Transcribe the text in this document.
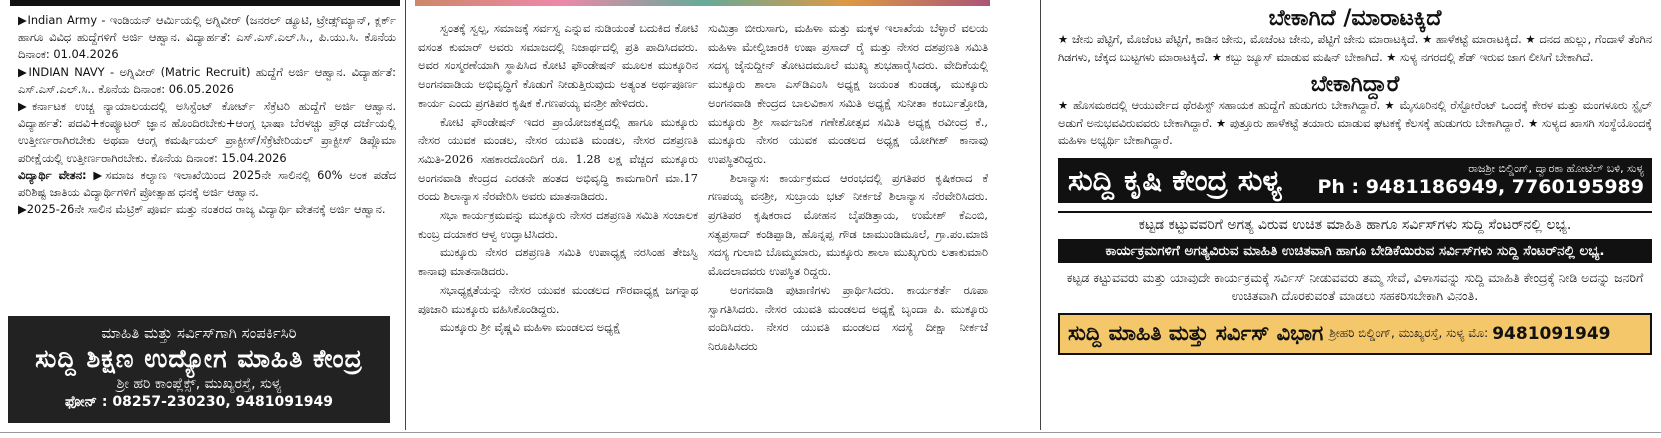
▶Indian Army - ಇಂಡಿಯನ್ ಆರ್ಮಿಯಲ್ಲಿ ಅಗ್ನಿವೀರ್ (ಜನರಲ್ ಡ್ಯೂಟಿ, ಟ್ರೇಡ್ಸ್‌ಮ್ಯಾನ್, ಕ್ಲರ್ಕ್ ಹಾಗೂ ವಿವಿಧ ಹುದ್ದೆಗಳಿಗೆ ಅರ್ಜಿ ಆಹ್ವಾನ. ವಿದ್ಯಾರ್ಹತೆ: ಎಸ್.ಎಸ್.ಎಲ್.ಸಿ., ಪಿ.ಯು.ಸಿ. ಕೊನೆಯ ದಿನಾಂಕ: 01.04.2026
▶INDIAN NAVY - ಅಗ್ನಿವೀರ್ (Matric Recruit) ಹುದ್ದೆಗೆ ಅರ್ಜಿ ಆಹ್ವಾನ. ವಿದ್ಯಾರ್ಹತೆ: ಎಸ್.ಎಸ್.ಎಲ್.ಸಿ.. ಕೊನೆಯ ದಿನಾಂಕ: 06.05.2026
▶ಕರ್ನಾಟಕ ಉಚ್ಚ ನ್ಯಾಯಾಲಯದಲ್ಲಿ ಅಸಿಸ್ಟೆಂಟ್ ಕೋರ್ಟ್ ಸೆಕ್ರೆಟರಿ ಹುದ್ದೆಗೆ ಅರ್ಜಿ ಆಹ್ವಾನ. ವಿದ್ಯಾರ್ಹತೆ: ಪದವಿ+ಕಂಪ್ಯೂಟರ್ ಜ್ಞಾನ ಹೊಂದಿರಬೇಕು+ಆಂಗ್ಲ ಭಾಷಾ ಬೆರಳಚ್ಚು ಪ್ರೌಢ ದರ್ಜೆಯಲ್ಲಿ ಉತ್ತೀರ್ಣರಾಗಿರಬೇಕು ಅಥವಾ ಆಂಗ್ಲ ಕಮರ್ಷಿಯಲ್ ಪ್ರಾಕ್ಟೀಸ್/ಸೆಕ್ರೆಟೇರಿಯಲ್ ಪ್ರಾಕ್ಟೀಸ್ ಡಿಪ್ಲೊಮಾ ಪರೀಕ್ಷೆಯಲ್ಲಿ ಉತ್ತೀರ್ಣರಾಗಿರಬೇಕು. ಕೊನೆಯ ದಿನಾಂಕ: 15.04.2026
ವಿದ್ಯಾರ್ಥಿ ವೇತನ: ▶ಸಮಾಜ ಕಲ್ಯಾಣ ಇಲಾಖೆಯಿಂದ 2025ನೇ ಸಾಲಿನಲ್ಲಿ 60% ಅಂಕ ಪಡೆದ ಪರಿಶಿಷ್ಟ ಜಾತಿಯ ವಿದ್ಯಾರ್ಥಿಗಳಿಗೆ ಪ್ರೋತ್ಸಾಹ ಧನಕ್ಕೆ ಅರ್ಜಿ ಆಹ್ವಾನ.
▶2025-26ನೇ ಸಾಲಿನ ಮೆಟ್ರಿಕ್ ಪೂರ್ವ ಮತ್ತು ನಂತರದ ರಾಜ್ಯ ವಿದ್ಯಾರ್ಥಿ ವೇತನಕ್ಕೆ ಅರ್ಜಿ ಆಹ್ವಾನ.
ಮಾಹಿತಿ ಮತ್ತು ಸರ್ವಿಸ್‌ಗಾಗಿ ಸಂಪರ್ಕಿಸಿರಿ
ಸುದ್ದಿ ಶಿಕ್ಷಣ ಉದ್ಯೋಗ ಮಾಹಿತಿ ಕೇಂದ್ರ
ಶ್ರೀ ಹರಿ ಕಾಂಪ್ಲೆಕ್ಸ್, ಮುಖ್ಯರಸ್ತೆ, ಸುಳ್ಯ
ಫೋನ್ : 08257-230230, 9481091949

ಸ್ವಂತಕ್ಕೆ ಸ್ವಲ್ಪ, ಸಮಾಜಕ್ಕೆ ಸರ್ವಸ್ವ ಎನ್ನುವ ನುಡಿಯಂತೆ ಬದುಕಿದ ಕೋಟಿ ವಸಂತ ಕುಮಾರ್ ಅವರು ಸಮಾಜದಲ್ಲಿ ನಿಜಾರ್ಥದಲ್ಲಿ ಪ್ರತಿ ಪಾದಿಸಿದವರು. ಅವರ ಸಂಸ್ಮರಣೆಯಾಗಿ ಸ್ಥಾಪಿಸಿದ ಕೋಟಿ ಫೌಂಡೇಷನ್ ಮೂಲಕ ಮುಕ್ಕೂರಿನ ಅಂಗನವಾಡಿಯ ಅಭಿವೃದ್ಧಿಗೆ ಕೊಡುಗೆ ನೀಡುತ್ತಿರುವುದು ಅತ್ಯಂತ ಅರ್ಥಪೂರ್ಣ ಕಾರ್ಯ ಎಂದು ಪ್ರಗತಿಪರ ಕೃಷಿಕ ಕೆ.ಗಣಪಯ್ಯ ವನಶ್ರೀ ಹೇಳಿದರು.

ಕೋಟಿ ಫೌಂಡೇಷನ್ ಇದರ ಪ್ರಾಯೋಜಕತ್ವದಲ್ಲಿ ಹಾಗೂ ಮುಕ್ಕೂರು ನೇಸರ ಯುವಕ ಮಂಡಲ, ನೇಸರ ಯುವತಿ ಮಂಡಲ, ನೇಸರ ದಶಪ್ರಣತಿ ಸಮಿತಿ-2026 ಸಹಕಾರದೊಂದಿಗೆ ರೂ. 1.28 ಲಕ್ಷ ವೆಚ್ಚದ ಮುಕ್ಕೂರು ಅಂಗನವಾಡಿ ಕೇಂದ್ರದ ಎರಡನೇ ಹಂತದ ಅಭಿವೃದ್ಧಿ ಕಾಮಗಾರಿಗೆ ಮಾ.17 ರಂದು ಶಿಲಾನ್ಯಾಸ ನೆರವೇರಿಸಿ ಅವರು ಮಾತನಾಡಿದರು.

ಸಭಾ ಕಾರ್ಯಕ್ರಮವನ್ನು ಮುಕ್ಕೂರು ನೇಸರ ದಶಪ್ರಣತಿ ಸಮಿತಿ ಸಂಚಾಲಕ ಕುಂಬ್ರ ದಯಾಕರ ಆಳ್ವ ಉದ್ಘಾಟಿಸಿದರು.

ಮುಕ್ಕೂರು ನೇಸರ ದಶಪ್ರಣತಿ ಸಮಿತಿ ಉಪಾಧ್ಯಕ್ಷ ನರಸಿಂಹ ತೇಜಸ್ವಿ ಕಾನಾವು ಮಾತನಾಡಿದರು.

ಸಭಾಧ್ಯಕ್ಷತೆಯನ್ನು ನೇಸರ ಯುವಕ ಮಂಡಲದ ಗೌರವಾಧ್ಯಕ್ಷ ಜಗನ್ನಾಥ ಪೂಜಾರಿ ಮುಕ್ಕೂರು ವಹಿಸಿಕೊಂಡಿದ್ದರು.

ಮುಕ್ಕೂರು ಶ್ರೀ ವೈಷ್ಣವಿ ಮಹಿಳಾ ಮಂಡಲದ ಅಧ್ಯಕ್ಷೆ

ಸುಮಿತ್ರಾ ಬೀರುಸಾಗು, ಮಹಿಳಾ ಮತ್ತು ಮಕ್ಕಳ ಇಲಾಖೆಯ ಬೆಳ್ಳಾರೆ ವಲಯ ಮಹಿಳಾ ಮೇಲ್ವಿಚಾರಕಿ ಉಷಾ ಪ್ರಸಾದ್ ರೈ ಮತ್ತು ನೇಸರ ದಶಪ್ರಣತಿ ಸಮಿತಿ ಸದಸ್ಯ ಜೈನುದ್ದೀನ್ ತೋಟದಮೂಲೆ ಮುಖ್ಯ ಶುಭಹಾರೈಸಿದರು. ವೇದಿಕೆಯಲ್ಲಿ ಮುಕ್ಕೂರು ಶಾಲಾ ಎಸ್‌ಡಿಎಂಸಿ ಅಧ್ಯಕ್ಷ ಜಯಂತ ಕುಂಡಡ್ಕ, ಮುಕ್ಕೂರು ಅಂಗನವಾಡಿ ಕೇಂದ್ರದ ಬಾಲವಿಕಾಸ ಸಮಿತಿ ಅಧ್ಯಕ್ಷೆ ಸುನೀತಾ ಕಂರ್ಬುತ್ತೋಡಿ, ಮುಕ್ಕೂರು ಶ್ರೀ ಸಾರ್ವಜನಿಕ ಗಣೇಶೋತ್ಸವ ಸಮಿತಿ ಅಧ್ಯಕ್ಷ ರವೀಂದ್ರ ಕೆ., ಮುಕ್ಕೂರು ನೇಸರ ಯುವಕ ಮಂಡಲದ ಅಧ್ಯಕ್ಷ ಯೋಗೀಶ್ ಕಾನಾವು ಉಪಸ್ಥಿತರಿದ್ದರು.

ಶಿಲಾನ್ಯಾಸ: ಕಾರ್ಯಕ್ರಮದ ಆರಂಭದಲ್ಲಿ ಪ್ರಗತಿಪರ ಕೃಷಿಕರಾದ ಕೆ ಗಣಪಯ್ಯ ವನಶ್ರೀ, ಸುಬ್ರಾಯ ಭಟ್ ನೀರ್ಕಜೆ ಶಿಲಾನ್ಯಾಸ ನೆರವೇರಿಸಿದರು. ಪ್ರಗತಿಪರ ಕೃಷಿಕರಾದ ಮೋಹನ ಬೈಪಡಿತ್ತಾಯ, ಉಮೇಶ್ ಕೆಎಂಬಿ, ಸತ್ಯಪ್ರಸಾದ್ ಕಂಡಿಪ್ಪಾಡಿ, ಹೊನ್ನಪ್ಪ ಗೌಡ ಚಾಮುಂಡಿಮೂಲೆ, ಗ್ರಾ.ಪಂ.ಮಾಜಿ ಸದಸ್ಯ ಗುಲಾಬಿ ಬೊಮ್ಮಮಾರು, ಮುಕ್ಕೂರು ಶಾಲಾ ಮುಖ್ಯಗುರು ಲತಾಕುಮಾರಿ ಮೊದಲಾದವರು ಉಪಸ್ಥಿತ ರಿದ್ದರು.

ಅಂಗನವಾಡಿ ಪುಟಾಣಿಗಳು ಪ್ರಾರ್ಥಿಸಿದರು. ಕಾರ್ಯಕರ್ತೆ ರೂಪಾ ಸ್ವಾಗತಿಸಿದರು. ನೇಸರ ಯುವತಿ ಮಂಡಲದ ಅಧ್ಯಕ್ಷೆ ಬೃಂದಾ ಪಿ. ಮುಕ್ಕೂರು ವಂದಿಸಿದರು. ನೇಸರ ಯುವತಿ ಮಂಡಲದ ಸದಸ್ಯೆ ದೀಕ್ಷಾ ನೀರ್ಕಜೆ ನಿರೂಪಿಸಿದರು

ಬೇಕಾಗಿದೆ /ಮಾರಾಟಕ್ಕಿದೆ
★ ಜೇನು ಪೆಟ್ಟಿಗೆ, ಮೊಜೆಂಟ ಪೆಟ್ಟಿಗೆ, ಕಾಡಿನ ಜೇನು, ಮೊಜೆಂಟ ಜೇನು, ಪೆಟ್ಟಿಗೆ ಜೇನು ಮಾರಾಟಕ್ಕಿದೆ. ★ ಹಾಳೆಕಟ್ಟೆ ಮಾರಾಟಕ್ಕಿದೆ. ★ ದನದ ಹುಲ್ಲು, ಗೆಂದಾಳೆ ತೆಂಗಿನ ಗಿಡಗಳು, ಚೆಕ್ಕದ ಬುಟ್ಟಗಳು ಮಾರಾಟಕ್ಕಿದೆ. ★ ಕಬ್ಬು ಜ್ಯೂಸ್ ಮಾಡುವ ಮಷಿನ್ ಬೇಕಾಗಿದೆ. ★ ಸುಳ್ಯ ನಗರದಲ್ಲಿ ಶೆಡ್ ಇರುವ ಜಾಗ ಲೀಸಿಗೆ ಬೇಕಾಗಿದೆ.
ಬೇಕಾಗಿದ್ದಾರೆ
★ ಹೊಸಮಠದಲ್ಲಿ ಆಯುರ್ವೇದ ಥೆರಪಿಸ್ಟ್ ಸಹಾಯಕ ಹುದ್ದೆಗೆ ಹುಡುಗರು ಬೇಕಾಗಿದ್ದಾರೆ. ★ ಮೈಸೂರಿನಲ್ಲಿ ರೆಸ್ಟೋರೆಂಟ್ ಒಂದಕ್ಕೆ ಕೇರಳ ಮತ್ತು ಮಂಗಳೂರು ಸ್ಟೈಲ್ ಅಡುಗೆ ಅನುಭವವಿರುವವರು ಬೇಕಾಗಿದ್ದಾರೆ. ★ ಪುತ್ತೂರು ಹಾಳೆಕಟ್ಟೆ ತಯಾರು ಮಾಡುವ ಘಟಕಕ್ಕೆ ಕೆಲಸಕ್ಕೆ ಹುಡುಗರು ಬೇಕಾಗಿದ್ದಾರೆ. ★ ಸುಳ್ಯದ ಖಾಸಗಿ ಸಂಸ್ಥೆಯೊಂದಕ್ಕೆ ಮಹಿಳಾ ಅಭ್ಯರ್ಥಿ ಬೇಕಾಗಿದ್ದಾರೆ.
ಸುದ್ದಿ ಕೃಷಿ ಕೇಂದ್ರ ಸುಳ್ಯ	ರಾಜಶ್ರೀ ಬಿಲ್ಡಿಂಗ್, ದ್ವಾರಕಾ ಹೋಟೆಲ್ ಬಳಿ, ಸುಳ್ಯ
Ph : 9481186949, 7760195989
ಕಟ್ಟಡ ಕಟ್ಟುವವರಿಗೆ ಅಗತ್ಯ ವಿರುವ ಉಚಿತ ಮಾಹಿತಿ ಹಾಗೂ ಸರ್ವಿಸ್‌ಗಳು ಸುದ್ದಿ ಸೆಂಟರ್‌ನಲ್ಲಿ ಲಭ್ಯ.
ಕಾರ್ಯಕ್ರಮಗಳಿಗೆ ಅಗತ್ಯವಿರುವ ಮಾಹಿತಿ ಉಚಿತವಾಗಿ ಹಾಗೂ ಬೇಡಿಕೆಯಿರುವ ಸರ್ವಿಸ್‌ಗಳು ಸುದ್ದಿ ಸೆಂಟರ್‌ನಲ್ಲಿ ಲಭ್ಯ.
ಕಟ್ಟಡ ಕಟ್ಟುವವರು ಮತ್ತು ಯಾವುದೇ ಕಾರ್ಯಕ್ರಮಕ್ಕೆ ಸರ್ವಿಸ್ ನೀಡುವವರು ತಮ್ಮ ಸೇವೆ, ವಿಳಾಸವನ್ನು ಸುದ್ದಿ ಮಾಹಿತಿ ಕೇಂದ್ರಕ್ಕೆ ನೀಡಿ ಅದನ್ನು ಜನರಿಗೆ ಉಚಿತವಾಗಿ ದೊರಕುವಂತೆ ಮಾಡಲು ಸಹಕರಿಸಬೇಕಾಗಿ ವಿನಂತಿ.
ಸುದ್ದಿ ಮಾಹಿತಿ ಮತ್ತು ಸರ್ವಿಸ್ ವಿಭಾಗ ಶ್ರೀಹರಿ ಬಿಲ್ಡಿಂಗ್, ಮುಖ್ಯರಸ್ತೆ, ಸುಳ್ಯ ಮೊ: 9481091949
